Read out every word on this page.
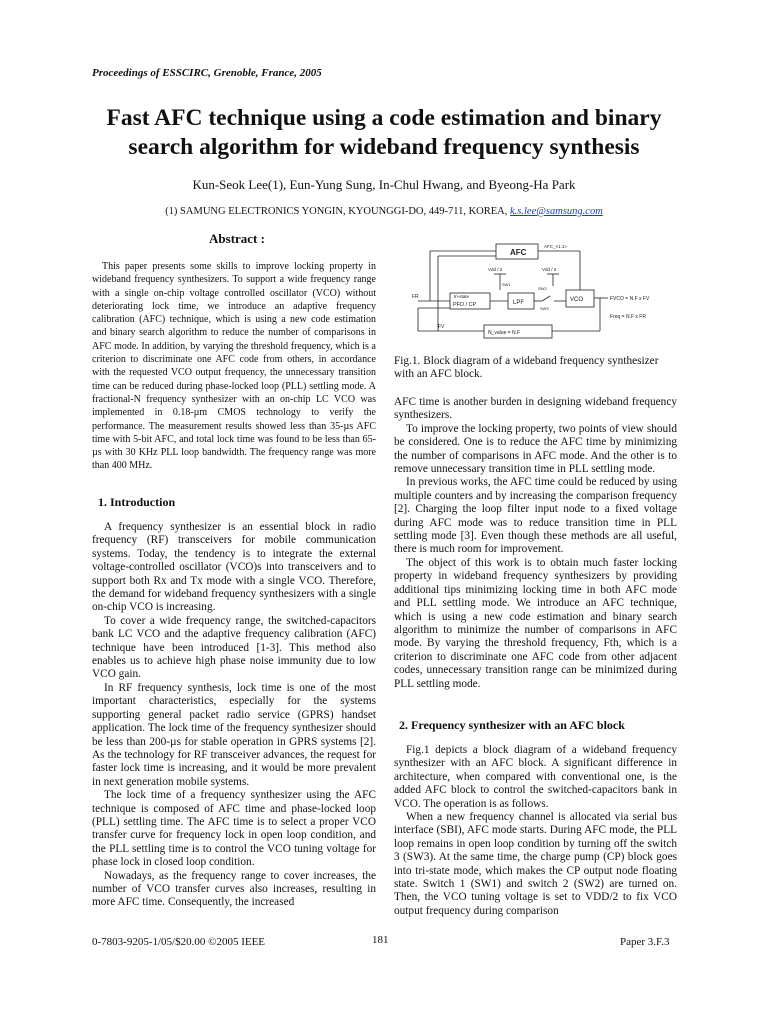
Proceedings of ESSCIRC, Grenoble, France, 2005
Fast AFC technique using a code estimation and binary
search algorithm for wideband frequency synthesis
Kun-Seok Lee(1), Eun-Yung Sung, In-Chul Hwang, and Byeong-Ha Park
(1) SAMUNG ELECTRONICS YONGIN, KYOUNGGI-DO, 449-711, KOREA, k.s.lee@samsung.com
Abstract :

This paper presents some skills to improve locking property in wideband frequency synthesizers. To support a wide frequency range with a single on-chip voltage controlled oscillator (VCO) without deteriorating lock time, we introduce an adaptive frequency calibration (AFC) technique, which is using a new code estimation and binary search algorithm to reduce the number of comparisons in AFC mode. In addition, by varying the threshold frequency, which is a criterion to discriminate one AFC code from others, in accordance with the requested VCO output frequency, the unnecessary transition time can be reduced during phase-locked loop (PLL) settling mode. A fractional-N frequency synthesizer with an on-chip LC VCO was implemented in 0.18-µm CMOS technology to verify the performance. The measurement results showed less than 35-µs AFC time with 5-bit AFC, and total lock time was found to be less than 65-µs with 30 KHz PLL loop bandwidth. The frequency range was more than 400 MHz.

1. Introduction

A frequency synthesizer is an essential block in radio frequency (RF) transceivers for mobile communication systems. Today, the tendency is to integrate the external voltage-controlled oscillator (VCO)s into transceivers and to support both Rx and Tx mode with a single VCO. Therefore, the demand for wideband frequency synthesizers with a single on-chip VCO is increasing.

To cover a wide frequency range, the switched-capacitors bank LC VCO and the adaptive frequency calibration (AFC) technique have been introduced [1-3]. This method also enables us to achieve high phase noise immunity due to low VCO gain.

In RF frequency synthesis, lock time is one of the most important characteristics, especially for the systems supporting general packet radio service (GPRS) handset application. The lock time of the frequency synthesizer should be less than 200-µs for stable operation in GPRS systems [2]. As the technology for RF transceiver advances, the request for faster lock time is increasing, and it would be more prevalent in next generation mobile systems.

The lock time of a frequency synthesizer using the AFC technique is composed of AFC time and phase-locked loop (PLL) settling time. The AFC time is to select a proper VCO transfer curve for frequency lock in open loop condition, and the PLL settling time is to control the VCO tuning voltage for phase lock in closed loop condition.

Nowadays, as the frequency range to cover increases, the number of VCO transfer curves also increases, resulting in more AFC time. Consequently, the increased

AFC
AFC_<1:1>
Vdd / 2	Vdd / 2
SW1
SW2
SW3
tri-state
PFD / CP	LPF	VCO
FR
FV
N_value = N.F
FVCO = N.F x FV
Freq = N.F x FR
Fig.1. Block diagram of a wideband frequency synthesizer with an AFC block.

AFC time is another burden in designing wideband frequency synthesizers.

To improve the locking property, two points of view should be considered. One is to reduce the AFC time by minimizing the number of comparisons in AFC mode. And the other is to remove unnecessary transition time in PLL settling mode.

In previous works, the AFC time could be reduced by using multiple counters and by increasing the comparison frequency [2]. Charging the loop filter input node to a fixed voltage during AFC mode was to reduce transition time in PLL settling mode [3]. Even though these methods are all useful, there is much room for improvement.

The object of this work is to obtain much faster locking property in wideband frequency synthesizers by providing additional tips minimizing locking time in both AFC mode and PLL settling mode. We introduce an AFC technique, which is using a new code estimation and binary search algorithm to minimize the number of comparisons in AFC mode. By varying the threshold frequency, Fth, which is a criterion to discriminate one AFC code from other adjacent codes, unnecessary transition range can be minimized during PLL settling mode.

2. Frequency synthesizer with an AFC block

Fig.1 depicts a block diagram of a wideband frequency synthesizer with an AFC block. A significant difference in architecture, when compared with conventional one, is the added AFC block to control the switched-capacitors bank in VCO. The operation is as follows.

When a new frequency channel is allocated via serial bus interface (SBI), AFC mode starts. During AFC mode, the PLL loop remains in open loop condition by turning off the switch 3 (SW3). At the same time, the charge pump (CP) block goes into tri-state mode, which makes the CP output node floating state. Switch 1 (SW1) and switch 2 (SW2) are turned on. Then, the VCO tuning voltage is set to VDD/2 to fix VCO output frequency during comparison

0-7803-9205-1/05/$20.00 ©2005 IEEE	181	Paper 3.F.3
